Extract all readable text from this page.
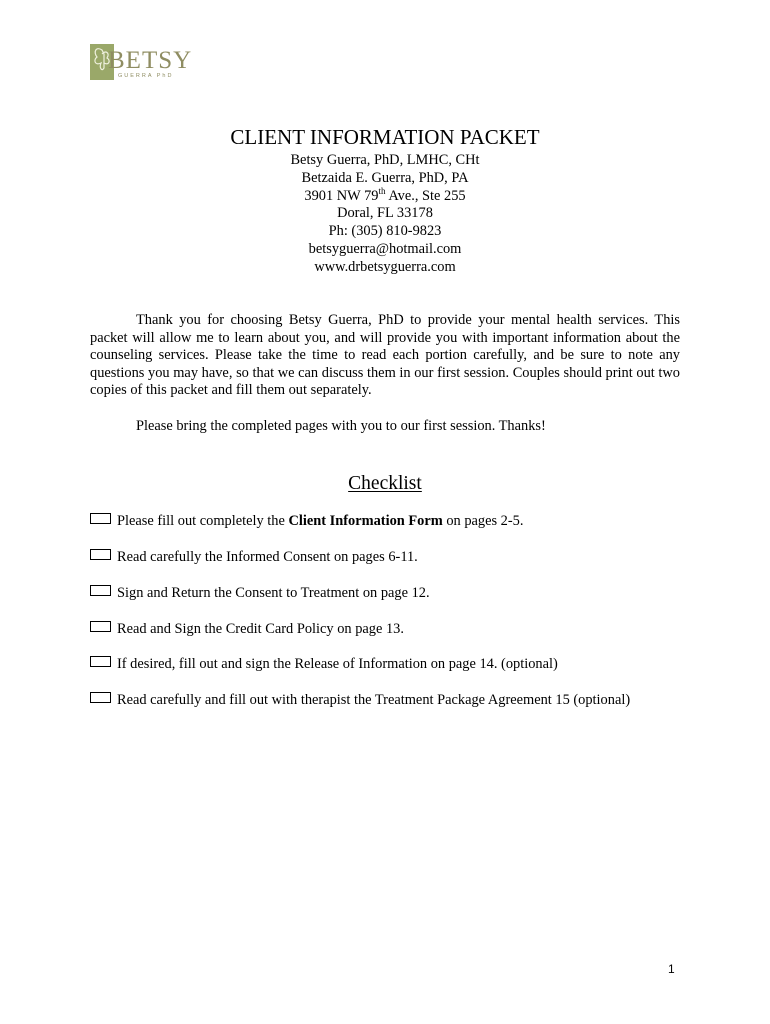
BETSY
GUERRA PhD
CLIENT INFORMATION PACKET
Betsy Guerra, PhD, LMHC, CHt
Betzaida E. Guerra, PhD, PA
3901 NW 79th Ave., Ste 255
Doral, FL 33178
Ph: (305) 810-9823
betsyguerra@hotmail.com
www.drbetsyguerra.com
Thank you for choosing Betsy Guerra, PhD to provide your mental health services. This packet will allow me to learn about you, and will provide you with important information about the counseling services. Please take the time to read each portion carefully, and be sure to note any questions you may have, so that we can discuss them in our first session. Couples should print out two copies of this packet and fill them out separately.
Please bring the completed pages with you to our first session. Thanks!
Checklist
Please fill out completely the Client Information Form on pages 2-5.
Read carefully the Informed Consent on pages 6-11.
Sign and Return the Consent to Treatment on page 12.
Read and Sign the Credit Card Policy on page 13.
If desired, fill out and sign the Release of Information on page 14. (optional)
Read carefully and fill out with therapist the Treatment Package Agreement 15 (optional)
1
